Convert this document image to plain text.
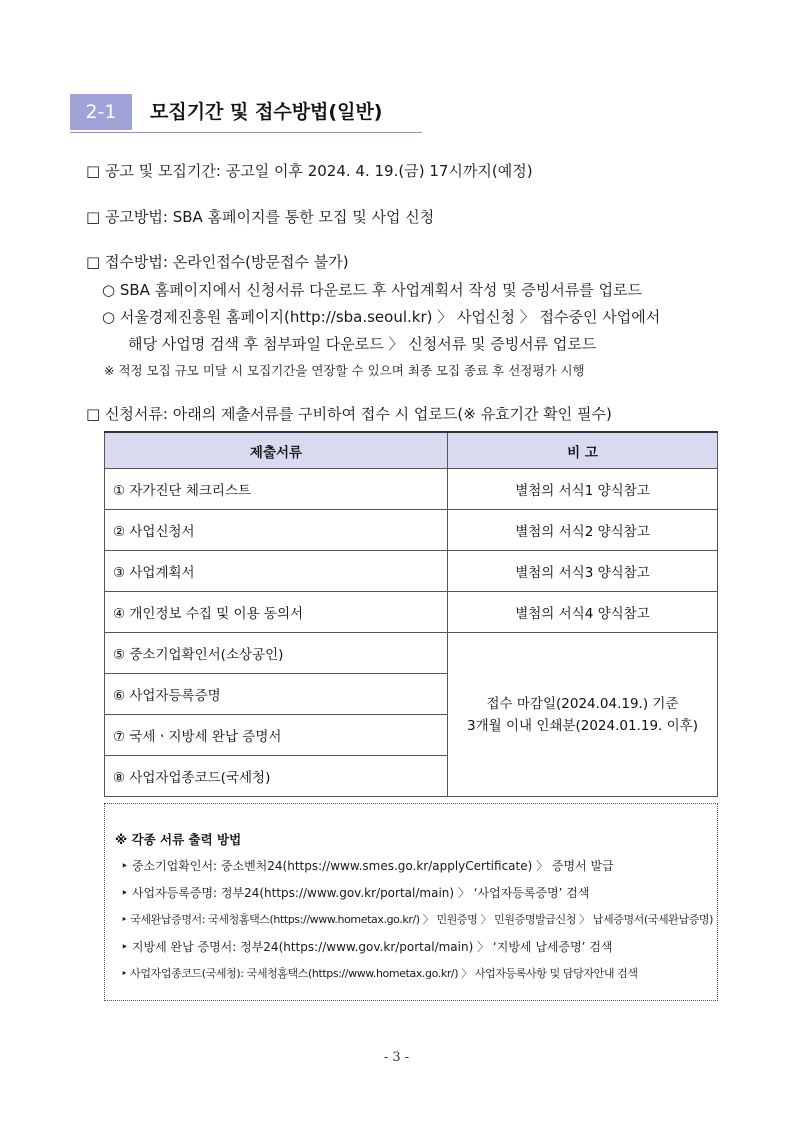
2-1	모집기간 및 접수방법(일반)
□ 공고 및 모집기간: 공고일 이후 2024. 4. 19.(금) 17시까지(예정)
□ 공고방법: SBA 홈페이지를 통한 모집 및 사업 신청
□ 접수방법: 온라인접수(방문접수 불가)
○ SBA 홈페이지에서 신청서류 다운로드 후 사업계획서 작성 및 증빙서류를 업로드
○ 서울경제진흥원 홈페이지(http://sba.seoul.kr) 〉 사업신청 〉 접수중인 사업에서
해당 사업명 검색 후 첨부파일 다운로드 〉 신청서류 및 증빙서류 업로드
※ 적정 모집 규모 미달 시 모집기간을 연장할 수 있으며 최종 모집 종료 후 선정평가 시행
□ 신청서류: 아래의 제출서류를 구비하여 접수 시 업로드(※ 유효기간 확인 필수)
제출서류	비 고
① 자가진단 체크리스트	별첨의 서식1 양식참고
② 사업신청서	별첨의 서식2 양식참고
③ 사업계획서	별첨의 서식3 양식참고
④ 개인정보 수집 및 이용 동의서	별첨의 서식4 양식참고
⑤ 중소기업확인서(소상공인)	접수 마감일(2024.04.19.) 기준
3개월 이내 인쇄분(2024.01.19. 이후)

⑥ 사업자등록증명	
⑦ 국세ㆍ지방세 완납 증명서	
⑧ 사업자업종코드(국세청)	
※ 각종 서류 출력 방법
‣ 중소기업확인서: 중소벤처24(https://www.smes.go.kr/applyCertificate) 〉 증명서 발급
‣ 사업자등록증명: 정부24(https://www.gov.kr/portal/main) 〉 ‘사업자등록증명’ 검색
‣ 국세완납증명서: 국세청홈택스(https://www.hometax.go.kr/) 〉 민원증명 〉 민원증명발급신청 〉 납세증명서(국세완납증명)
‣ 지방세 완납 증명서: 정부24(https://www.gov.kr/portal/main) 〉 ‘지방세 납세증명’ 검색
‣ 사업자업종코드(국세청): 국세청홈택스(https://www.hometax.go.kr/) 〉 사업자등록사항 및 담당자안내 검색
- 3 -
